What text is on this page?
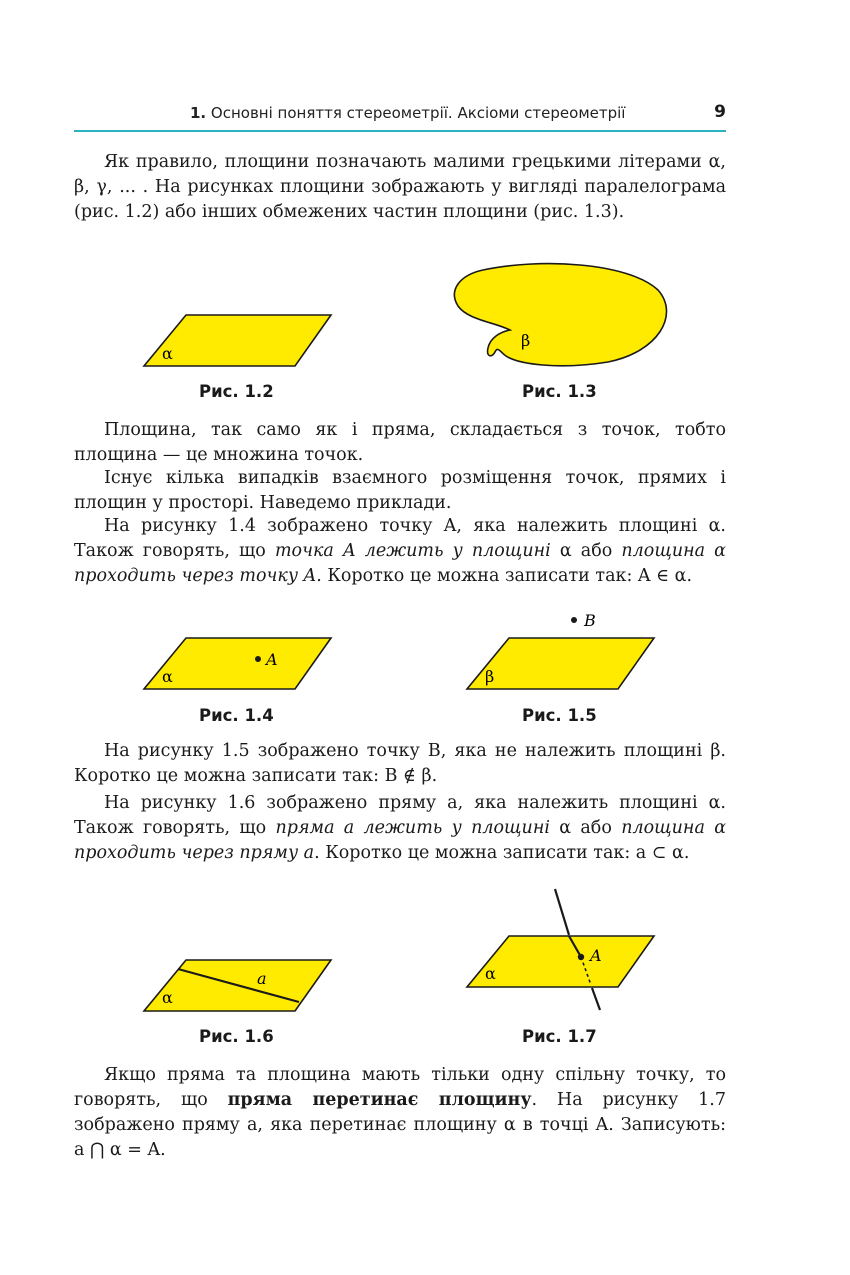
1. Основні поняття стереометрії. Аксіоми стереометрії	9
Як правило, площини позначають малими грецькими літерами α, β, γ, ... . На рисунках площини зображають у вигляді паралелограма (рис. 1.2) або інших обмежених частин площини (рис. 1.3).
α
Рис. 1.2
β
Рис. 1.3
Площина, так само як і пряма, складається з точок, тобто площина — це множина точок.
Існує кілька випадків взаємного розміщення точок, прямих і площин у просторі. Наведемо приклади.
На рисунку 1.4 зображено точку A, яка належить площині α. Також говорять, що точка A лежить у площині α або площина α проходить через точку A. Коротко це можна записати так: A ∈ α.
A
α
Рис. 1.4
B
β
Рис. 1.5
На рисунку 1.5 зображено точку B, яка не належить площині β. Коротко це можна записати так: B ∉ β.
На рисунку 1.6 зображено пряму a, яка належить площині α. Також говорять, що пряма a лежить у площині α або площина α проходить через пряму a. Коротко це можна записати так: a ⊂ α.
a
α
Рис. 1.6
A
α
Рис. 1.7
Якщо пряма та площина мають тільки одну спільну точку, то говорять, що пряма перетинає площину. На рисунку 1.7 зображено пряму a, яка перетинає площину α в точці A. Записують: a ⋂ α = A.
